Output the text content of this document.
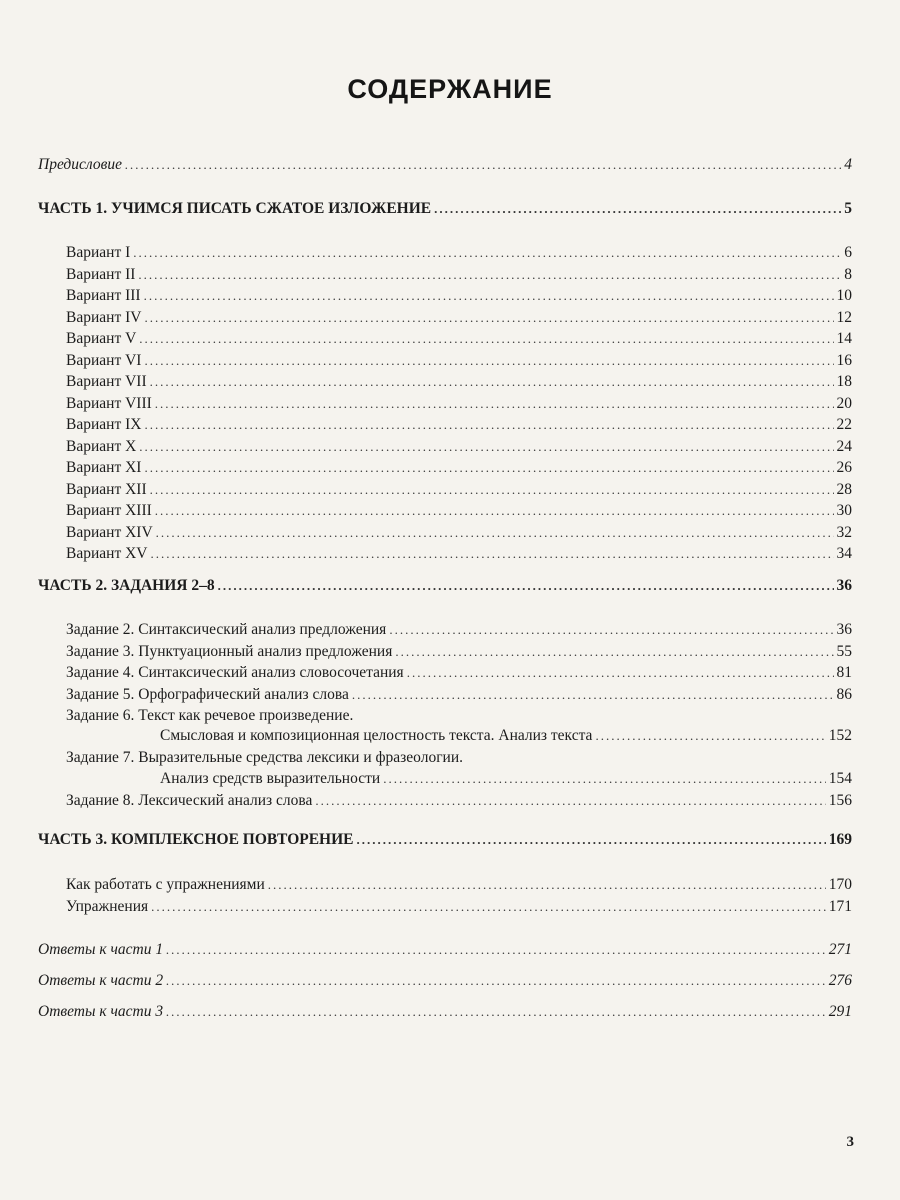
СОДЕРЖАНИЕ
Предисловие .....	4
ЧАСТЬ 1. УЧИМСЯ ПИСАТЬ СЖАТОЕ ИЗЛОЖЕНИЕ .....	5
Вариант I .....	6
Вариант II .....	8
Вариант III .....	10
Вариант IV .....	12
Вариант V .....	14
Вариант VI .....	16
Вариант VII .....	18
Вариант VIII .....	20
Вариант IX .....	22
Вариант X .....	24
Вариант XI .....	26
Вариант XII .....	28
Вариант XIII .....	30
Вариант XIV .....	32
Вариант XV .....	34
ЧАСТЬ 2. ЗАДАНИЯ 2–8 .....	36
Задание 2. Синтаксический анализ предложения .....	36
Задание 3. Пунктуационный анализ предложения .....	55
Задание 4. Синтаксический анализ словосочетания .....	81
Задание 5. Орфографический анализ слова .....	86
Задание 6. Текст как речевое произведение.
Смысловая и композиционная целостность текста. Анализ текста .....	152
Задание 7. Выразительные средства лексики и фразеологии.
Анализ средств выразительности .....	154
Задание 8. Лексический анализ слова .....	156
ЧАСТЬ 3. КОМПЛЕКСНОЕ ПОВТОРЕНИЕ .....	169
Как работать с упражнениями .....	170
Упражнения .....	171
Ответы к части 1 .....	271
Ответы к части 2 .....	276
Ответы к части 3 .....	291
3
